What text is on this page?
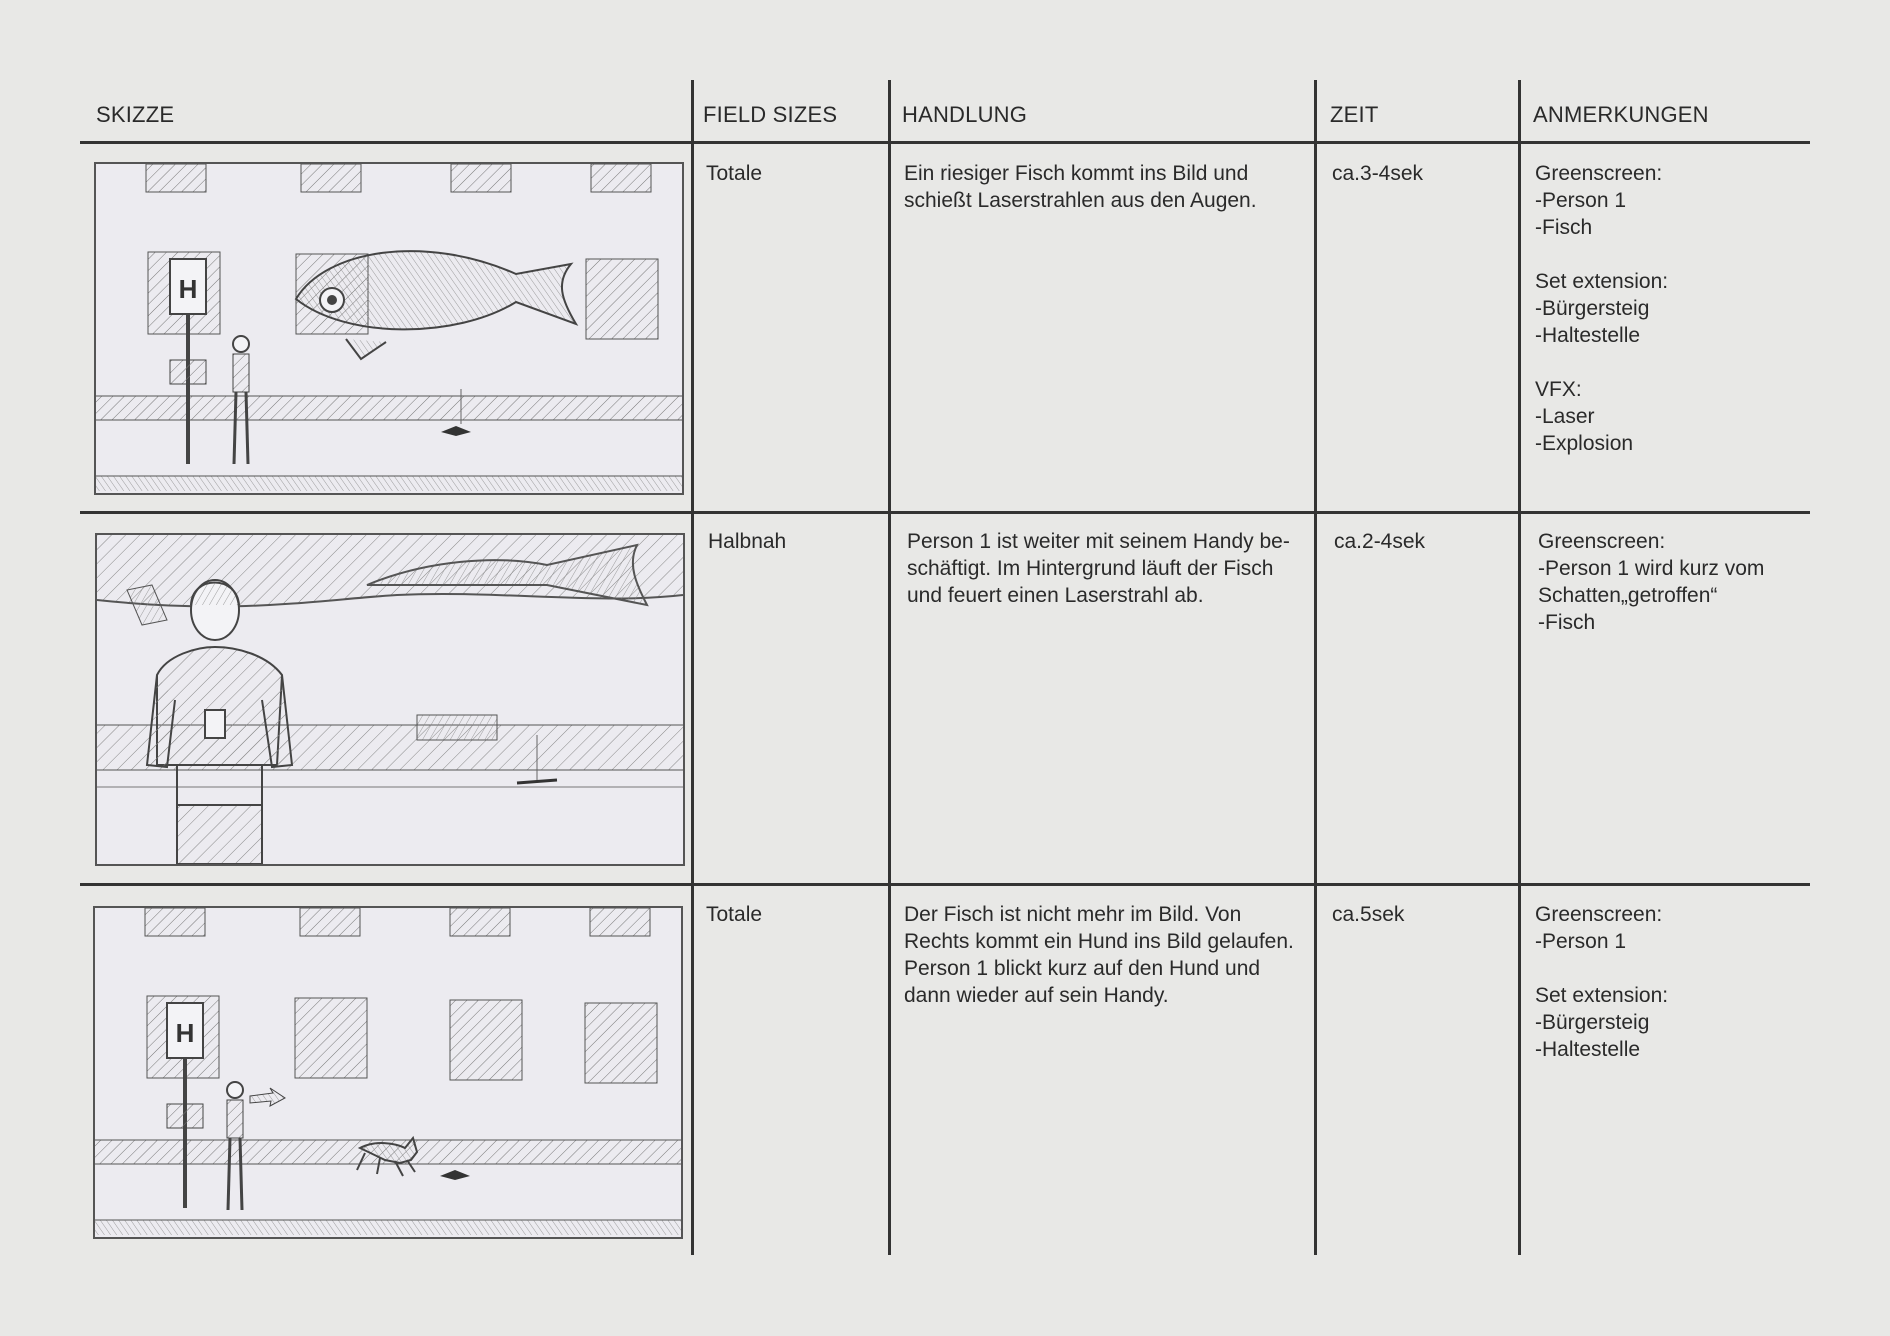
SKIZZE	FIELD SIZES	HANDLUNG	ZEIT	ANMERKUNGEN
H
Totale	Ein riesiger Fisch kommt ins Bild und
schießt Laserstrahlen aus den Augen.
ca.3-4sek	Greenscreen:
-Person 1
-Fisch

Set extension:
-Bürgersteig
-Haltestelle

VFX:
-Laser
-Explosion
Halbnah	Person 1 ist weiter mit seinem Handy be-
schäftigt. Im Hintergrund läuft der Fisch
und feuert einen Laserstrahl ab.
ca.2-4sek	Greenscreen:
-Person 1 wird kurz vom
Schatten„getroffen“
-Fisch
H
Totale	Der Fisch ist nicht mehr im Bild. Von
Rechts kommt ein Hund ins Bild gelaufen.
Person 1 blickt kurz auf den Hund und
dann wieder auf sein Handy.
ca.5sek	Greenscreen:
-Person 1

Set extension:
-Bürgersteig
-Haltestelle
